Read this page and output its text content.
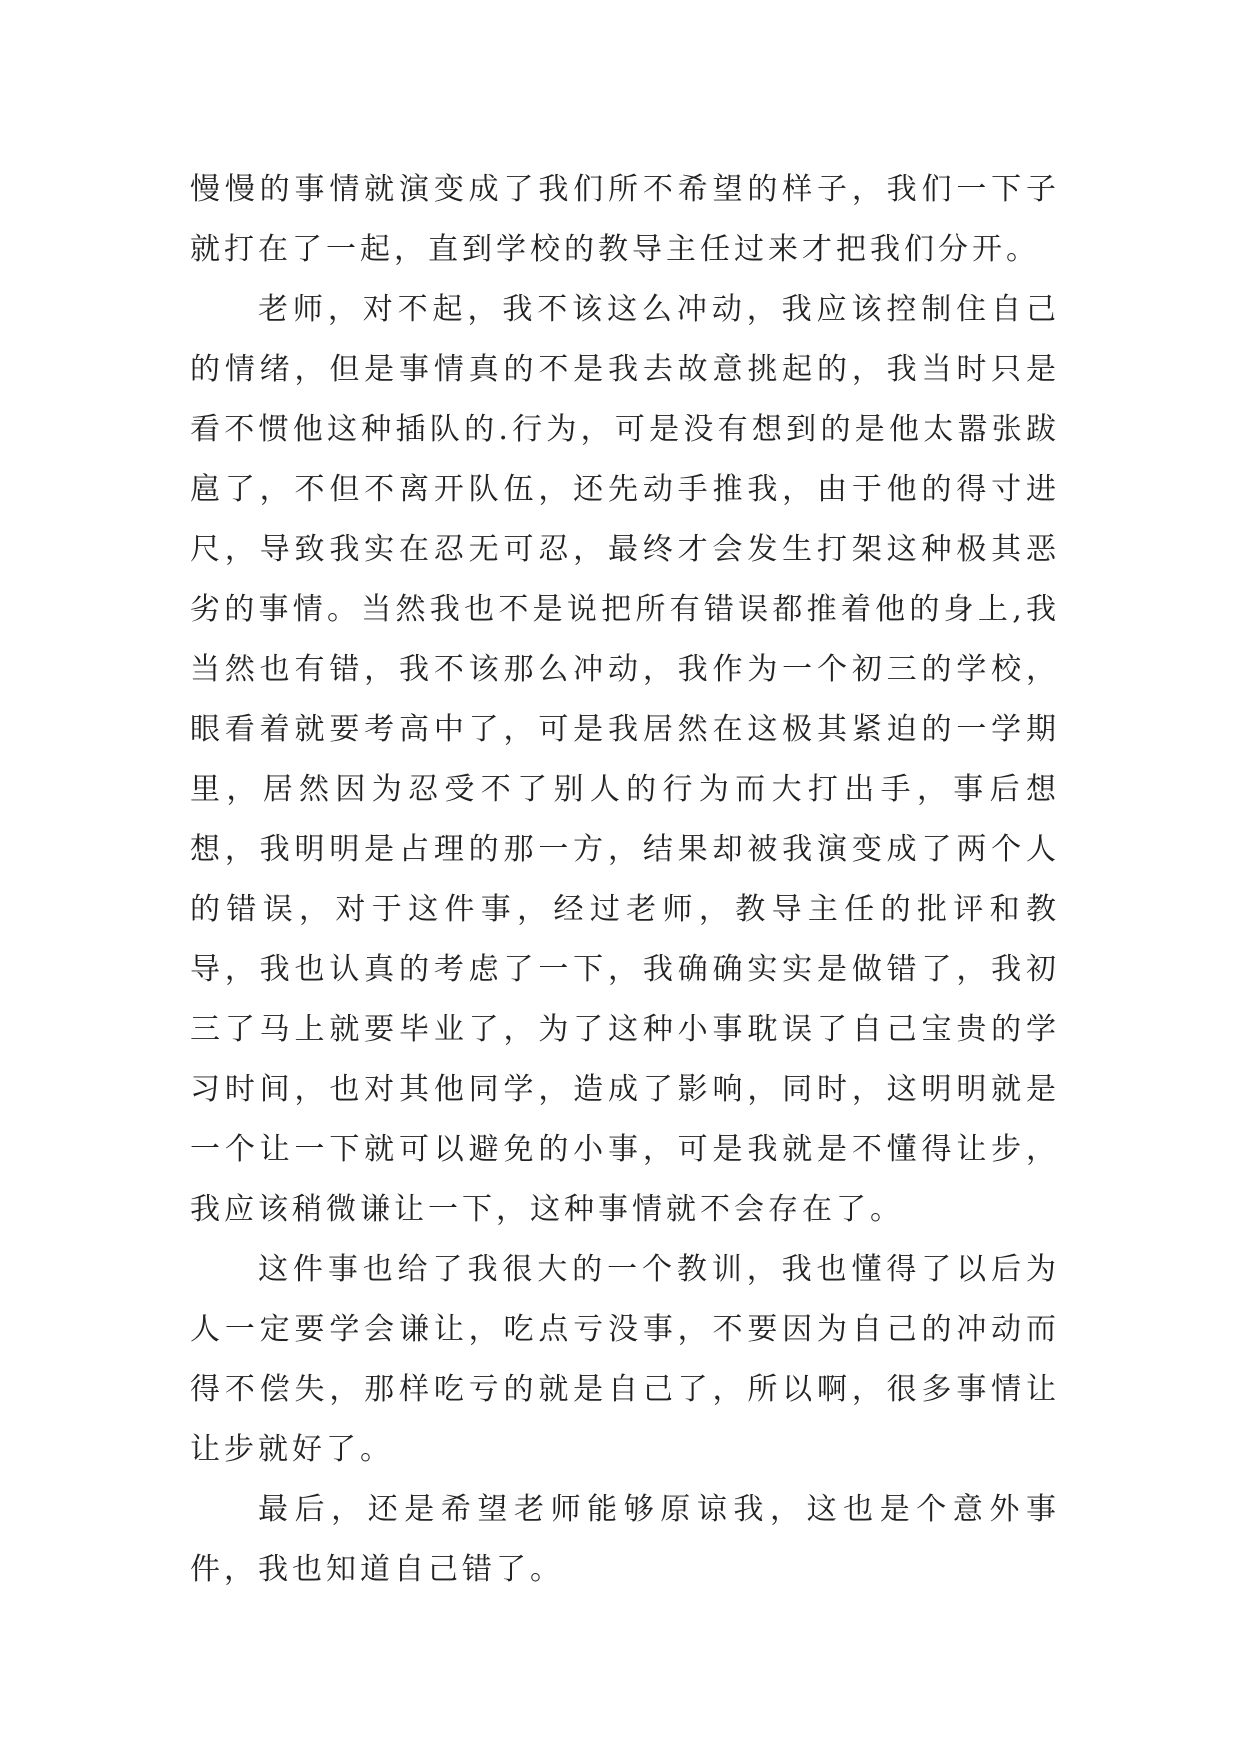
慢慢的事情就演变成了我们所不希望的样子，我们一下子就打在了一起，直到学校的教导主任过来才把我们分开。

老师，对不起，我不该这么冲动，我应该控制住自己的情绪，但是事情真的不是我去故意挑起的，我当时只是看不惯他这种插队的.行为，可是没有想到的是他太嚣张跋扈了，不但不离开队伍，还先动手推我，由于他的得寸进尺，导致我实在忍无可忍，最终才会发生打架这种极其恶劣的事情。当然我也不是说把所有错误都推着他的身上,我当然也有错，我不该那么冲动，我作为一个初三的学校，眼看着就要考高中了，可是我居然在这极其紧迫的一学期里，居然因为忍受不了别人的行为而大打出手，事后想想，我明明是占理的那一方，结果却被我演变成了两个人的错误，对于这件事，经过老师，教导主任的批评和教导，我也认真的考虑了一下，我确确实实是做错了，我初三了马上就要毕业了，为了这种小事耽误了自己宝贵的学习时间，也对其他同学，造成了影响，同时，这明明就是一个让一下就可以避免的小事，可是我就是不懂得让步，我应该稍微谦让一下，这种事情就不会存在了。

这件事也给了我很大的一个教训，我也懂得了以后为人一定要学会谦让，吃点亏没事，不要因为自己的冲动而得不偿失，那样吃亏的就是自己了，所以啊，很多事情让让步就好了。

最后，还是希望老师能够原谅我，这也是个意外事件，我也知道自己错了。
